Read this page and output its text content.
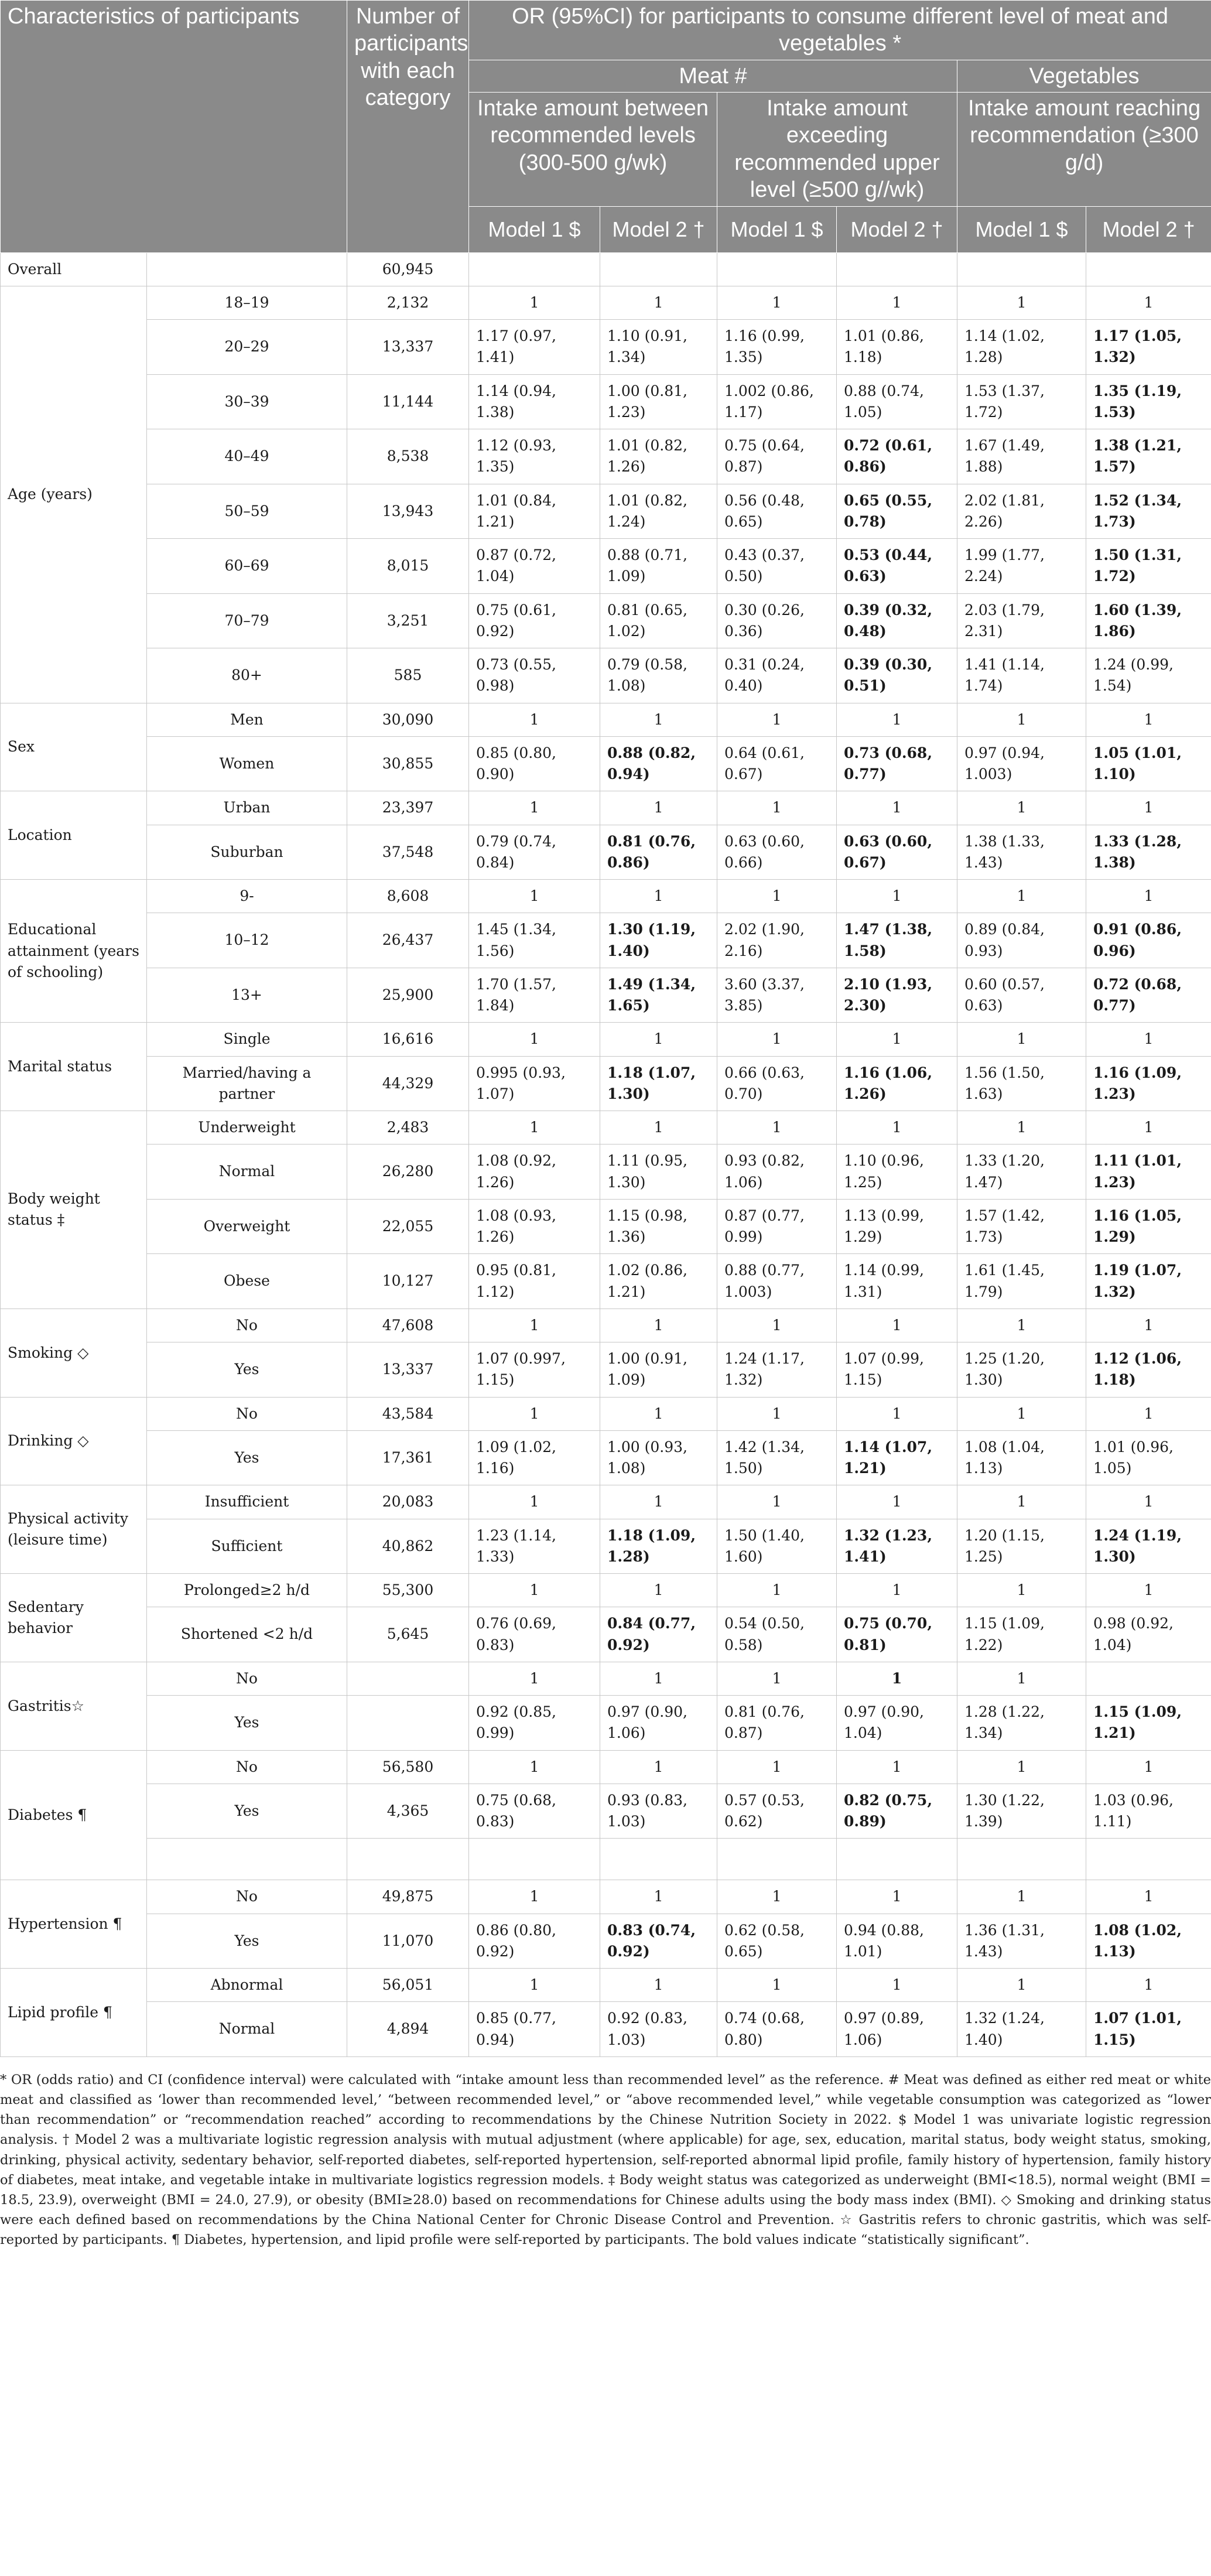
Characteristics of participants		Number of participants with each category	OR (95%CI) for participants to consume different level of meat and vegetables *					
			Meat #				Vegetables	
			Intake amount between recommended levels (300-500 g/wk)		Intake amount exceeding recommended upper level (≥500 g//wk)		Intake amount reaching recommendation (≥300 g/d)	
			Model 1 $	Model 2 †	Model 1 $	Model 2 †	Model 1 $	Model 2 †
Overall		60,945						
Age (years)	18–19	2,132	1	1	1	1	1	1
	20–29	13,337	1.17 (0.97, 1.41)	1.10 (0.91, 1.34)	1.16 (0.99, 1.35)	1.01 (0.86, 1.18)	1.14 (1.02, 1.28)	1.17 (1.05, 1.32)
	30–39	11,144	1.14 (0.94, 1.38)	1.00 (0.81, 1.23)	1.002 (0.86, 1.17)	0.88 (0.74, 1.05)	1.53 (1.37, 1.72)	1.35 (1.19, 1.53)
	40–49	8,538	1.12 (0.93, 1.35)	1.01 (0.82, 1.26)	0.75 (0.64, 0.87)	0.72 (0.61, 0.86)	1.67 (1.49, 1.88)	1.38 (1.21, 1.57)
	50–59	13,943	1.01 (0.84, 1.21)	1.01 (0.82, 1.24)	0.56 (0.48, 0.65)	0.65 (0.55, 0.78)	2.02 (1.81, 2.26)	1.52 (1.34, 1.73)
	60–69	8,015	0.87 (0.72, 1.04)	0.88 (0.71, 1.09)	0.43 (0.37, 0.50)	0.53 (0.44, 0.63)	1.99 (1.77, 2.24)	1.50 (1.31, 1.72)
	70–79	3,251	0.75 (0.61, 0.92)	0.81 (0.65, 1.02)	0.30 (0.26, 0.36)	0.39 (0.32, 0.48)	2.03 (1.79, 2.31)	1.60 (1.39, 1.86)
	80+	585	0.73 (0.55, 0.98)	0.79 (0.58, 1.08)	0.31 (0.24, 0.40)	0.39 (0.30, 0.51)	1.41 (1.14, 1.74)	1.24 (0.99, 1.54)
Sex	Men	30,090	1	1	1	1	1	1
	Women	30,855	0.85 (0.80, 0.90)	0.88 (0.82, 0.94)	0.64 (0.61, 0.67)	0.73 (0.68, 0.77)	0.97 (0.94, 1.003)	1.05 (1.01, 1.10)
Location	Urban	23,397	1	1	1	1	1	1
	Suburban	37,548	0.79 (0.74, 0.84)	0.81 (0.76, 0.86)	0.63 (0.60, 0.66)	0.63 (0.60, 0.67)	1.38 (1.33, 1.43)	1.33 (1.28, 1.38)
Educational attainment (years of schooling)	9-	8,608	1	1	1	1	1	1
	10–12	26,437	1.45 (1.34, 1.56)	1.30 (1.19, 1.40)	2.02 (1.90, 2.16)	1.47 (1.38, 1.58)	0.89 (0.84, 0.93)	0.91 (0.86, 0.96)
	13+	25,900	1.70 (1.57, 1.84)	1.49 (1.34, 1.65)	3.60 (3.37, 3.85)	2.10 (1.93, 2.30)	0.60 (0.57, 0.63)	0.72 (0.68, 0.77)
Marital status	Single	16,616	1	1	1	1	1	1
	Married/having a partner	44,329	0.995 (0.93, 1.07)	1.18 (1.07, 1.30)	0.66 (0.63, 0.70)	1.16 (1.06, 1.26)	1.56 (1.50, 1.63)	1.16 (1.09, 1.23)
Body weight status ‡	Underweight	2,483	1	1	1	1	1	1
	Normal	26,280	1.08 (0.92, 1.26)	1.11 (0.95, 1.30)	0.93 (0.82, 1.06)	1.10 (0.96, 1.25)	1.33 (1.20, 1.47)	1.11 (1.01, 1.23)
	Overweight	22,055	1.08 (0.93, 1.26)	1.15 (0.98, 1.36)	0.87 (0.77, 0.99)	1.13 (0.99, 1.29)	1.57 (1.42, 1.73)	1.16 (1.05, 1.29)
	Obese	10,127	0.95 (0.81, 1.12)	1.02 (0.86, 1.21)	0.88 (0.77, 1.003)	1.14 (0.99, 1.31)	1.61 (1.45, 1.79)	1.19 (1.07, 1.32)
Smoking ◇	No	47,608	1	1	1	1	1	1
	Yes	13,337	1.07 (0.997, 1.15)	1.00 (0.91, 1.09)	1.24 (1.17, 1.32)	1.07 (0.99, 1.15)	1.25 (1.20, 1.30)	1.12 (1.06, 1.18)
Drinking ◇	No	43,584	1	1	1	1	1	1
	Yes	17,361	1.09 (1.02, 1.16)	1.00 (0.93, 1.08)	1.42 (1.34, 1.50)	1.14 (1.07, 1.21)	1.08 (1.04, 1.13)	1.01 (0.96, 1.05)
Physical activity (leisure time)	Insufficient	20,083	1	1	1	1	1	1
	Sufficient	40,862	1.23 (1.14, 1.33)	1.18 (1.09, 1.28)	1.50 (1.40, 1.60)	1.32 (1.23, 1.41)	1.20 (1.15, 1.25)	1.24 (1.19, 1.30)
Sedentary behavior	Prolonged≥2 h/d	55,300	1	1	1	1	1	1
	Shortened <2 h/d	5,645	0.76 (0.69, 0.83)	0.84 (0.77, 0.92)	0.54 (0.50, 0.58)	0.75 (0.70, 0.81)	1.15 (1.09, 1.22)	0.98 (0.92, 1.04)
Gastritis☆	No		1	1	1	1	1	
	Yes		0.92 (0.85, 0.99)	0.97 (0.90, 1.06)	0.81 (0.76, 0.87)	0.97 (0.90, 1.04)	1.28 (1.22, 1.34)	1.15 (1.09, 1.21)
Diabetes ¶	No	56,580	1	1	1	1	1	1
	Yes	4,365	0.75 (0.68, 0.83)	0.93 (0.83, 1.03)	0.57 (0.53, 0.62)	0.82 (0.75, 0.89)	1.30 (1.22, 1.39)	1.03 (0.96, 1.11)

Hypertension ¶	No	49,875	1	1	1	1	1	1
	Yes	11,070	0.86 (0.80, 0.92)	0.83 (0.74, 0.92)	0.62 (0.58, 0.65)	0.94 (0.88, 1.01)	1.36 (1.31, 1.43)	1.08 (1.02, 1.13)
Lipid profile ¶	Abnormal	56,051	1	1	1	1	1	1
	Normal	4,894	0.85 (0.77, 0.94)	0.92 (0.83, 1.03)	0.74 (0.68, 0.80)	0.97 (0.89, 1.06)	1.32 (1.24, 1.40)	1.07 (1.01, 1.15)
* OR (odds ratio) and CI (confidence interval) were calculated with “intake amount less than recommended level” as the reference. # Meat was defined as either red meat or white meat and classified as ‘lower than recommended level,’ “between recommended level,” or “above recommended level,” while vegetable consumption was categorized as “lower than recommendation” or “recommendation reached” according to recommendations by the Chinese Nutrition Society in 2022. $ Model 1 was univariate logistic regression analysis. † Model 2 was a multivariate logistic regression analysis with mutual adjustment (where applicable) for age, sex, education, marital status, body weight status, smoking, drinking, physical activity, sedentary behavior, self-reported diabetes, self-reported hypertension, self-reported abnormal lipid profile, family history of hypertension, family history of diabetes, meat intake, and vegetable intake in multivariate logistics regression models. ‡ Body weight status was categorized as underweight (BMI<18.5), normal weight (BMI = 18.5, 23.9), overweight (BMI = 24.0, 27.9), or obesity (BMI≥28.0) based on recommendations for Chinese adults using the body mass index (BMI). ◇ Smoking and drinking status were each defined based on recommendations by the China National Center for Chronic Disease Control and Prevention. ☆ Gastritis refers to chronic gastritis, which was self-reported by participants. ¶ Diabetes, hypertension, and lipid profile were self-reported by participants. The bold values indicate “statistically significant”.
